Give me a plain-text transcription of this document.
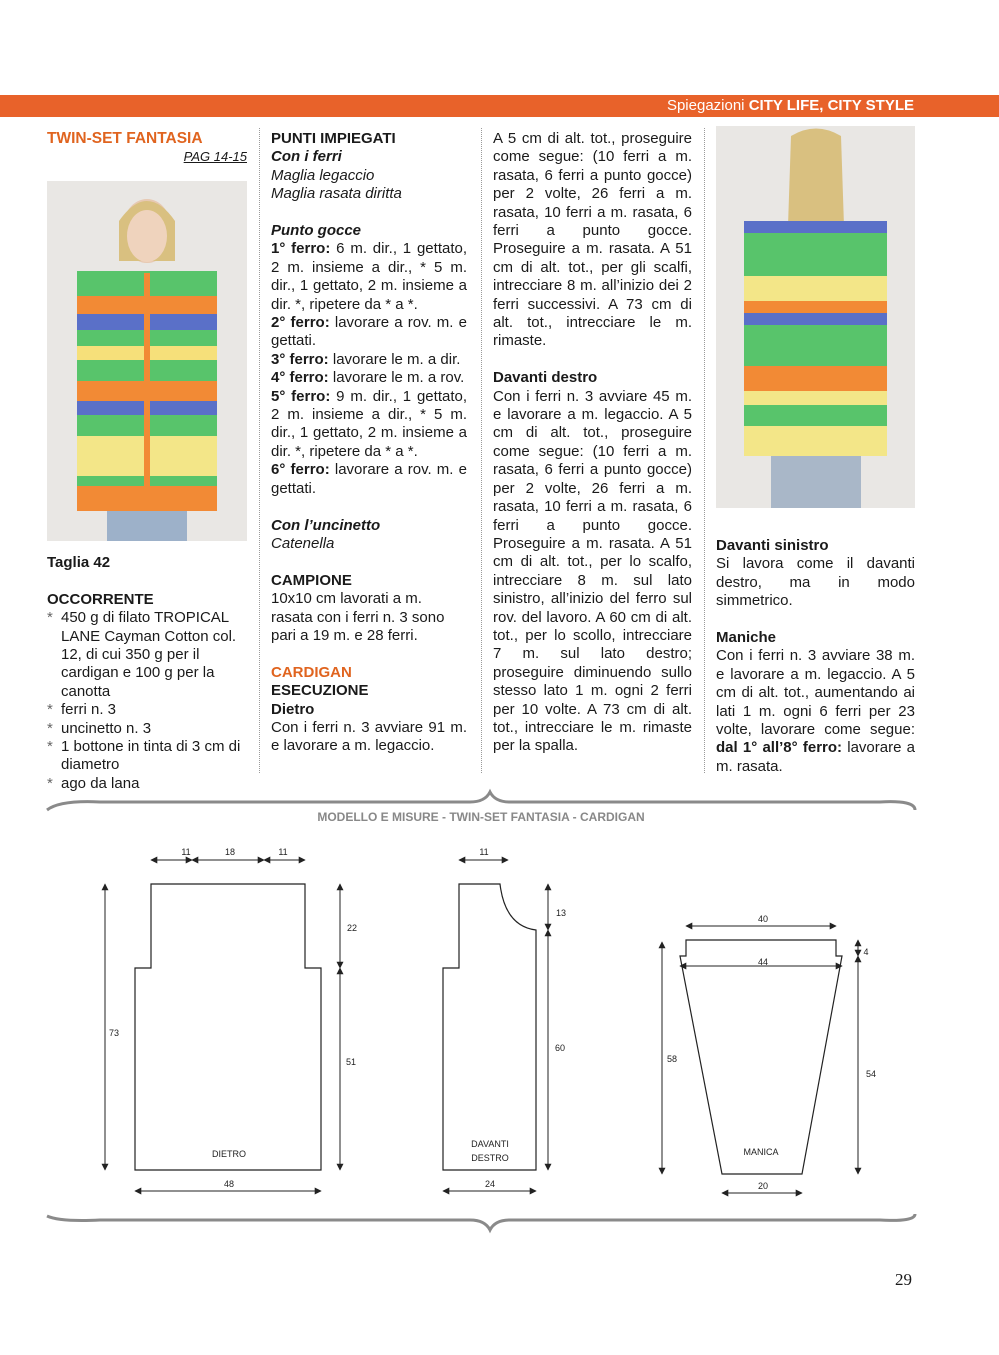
Spiegazioni CITY LIFE, CITY STYLE

TWIN-SET FANTASIA

PAG 14-15

Taglia 42

OCCORRENTE

* 450 g di filato TROPICAL LANE Cayman Cotton col. 12, di cui 350 g per il cardigan e 100 g per la canotta
* ferri n. 3
* uncinetto n. 3
* 1 bottone in tinta di 3 cm di diametro
* ago da lana

PUNTI IMPIEGATI

Con i ferri

Maglia legaccio

Maglia rasata diritta

Punto gocce

1° ferro: 6 m. dir., 1 gettato, 2 m. insieme a dir., * 5 m. dir., 1 gettato, 2 m. insieme a dir. *, ripetere da * a *.

2° ferro: lavorare a rov. m. e gettati.

3° ferro: lavorare le m. a dir.

4° ferro: lavorare le m. a rov.

5° ferro: 9 m. dir., 1 gettato, 2 m. insieme a dir., * 5 m. dir., 1 gettato, 2 m. insieme a dir. *, ripetere da * a *.

6° ferro: lavorare a rov. m. e gettati.

Con l’uncinetto

Catenella

CAMPIONE

10x10 cm lavorati a m. rasata con i ferri n. 3 sono pari a 19 m. e 28 ferri.

CARDIGAN

ESECUZIONE

Dietro

Con i ferri n. 3 avviare 91 m. e lavorare a m. legaccio.

A 5 cm di alt. tot., proseguire come segue: (10 ferri a m. rasata, 6 ferri a punto gocce) per 2 volte, 26 ferri a m. rasata, 10 ferri a m. rasata, 6 ferri a punto gocce. Proseguire a m. rasata. A 51 cm di alt. tot., per gli scalfi, intrecciare 8 m. all’inizio dei 2 ferri successivi. A 73 cm di alt. tot., intrecciare le m. rimaste.

Davanti destro

Con i ferri n. 3 avviare 45 m. e lavorare a m. legaccio. A 5 cm di alt. tot., proseguire come segue: (10 ferri a m. rasata, 6 ferri a punto gocce) per 2 volte, 26 ferri a m. rasata, 10 ferri a m. rasata, 6 ferri a punto gocce. Proseguire a m. rasata. A 51 cm di alt. tot., per lo scalfo, intrecciare 8 m. sul lato sinistro, all’inizio del ferro sul rov. del lavoro. A 60 cm di alt. tot., per lo scollo, intrecciare 7 m. sul lato destro; proseguire diminuendo sullo stesso lato 1 m. ogni 2 ferri per 10 volte. A 73 cm di alt. tot., intrecciare le m. rimaste per la spalla.

Davanti sinistro

Si lavora come il davanti destro, ma in modo simmetrico.

Maniche

Con i ferri n. 3 avviare 38 m. e lavorare a m. legaccio. A 5 cm di alt. tot., aumentando ai lati 1 m. ogni 6 ferri per 23 volte, lavorare come segue: dal 1° all’8° ferro: lavorare a m. rasata.

MODELLO E MISURE - TWIN-SET FANTASIA - CARDIGAN
11	18	11
73
22
51
48
DIETRO
11
13
60
24
DAVANTI
DESTRO
40
44
4
58
54
20
MANICA
29
